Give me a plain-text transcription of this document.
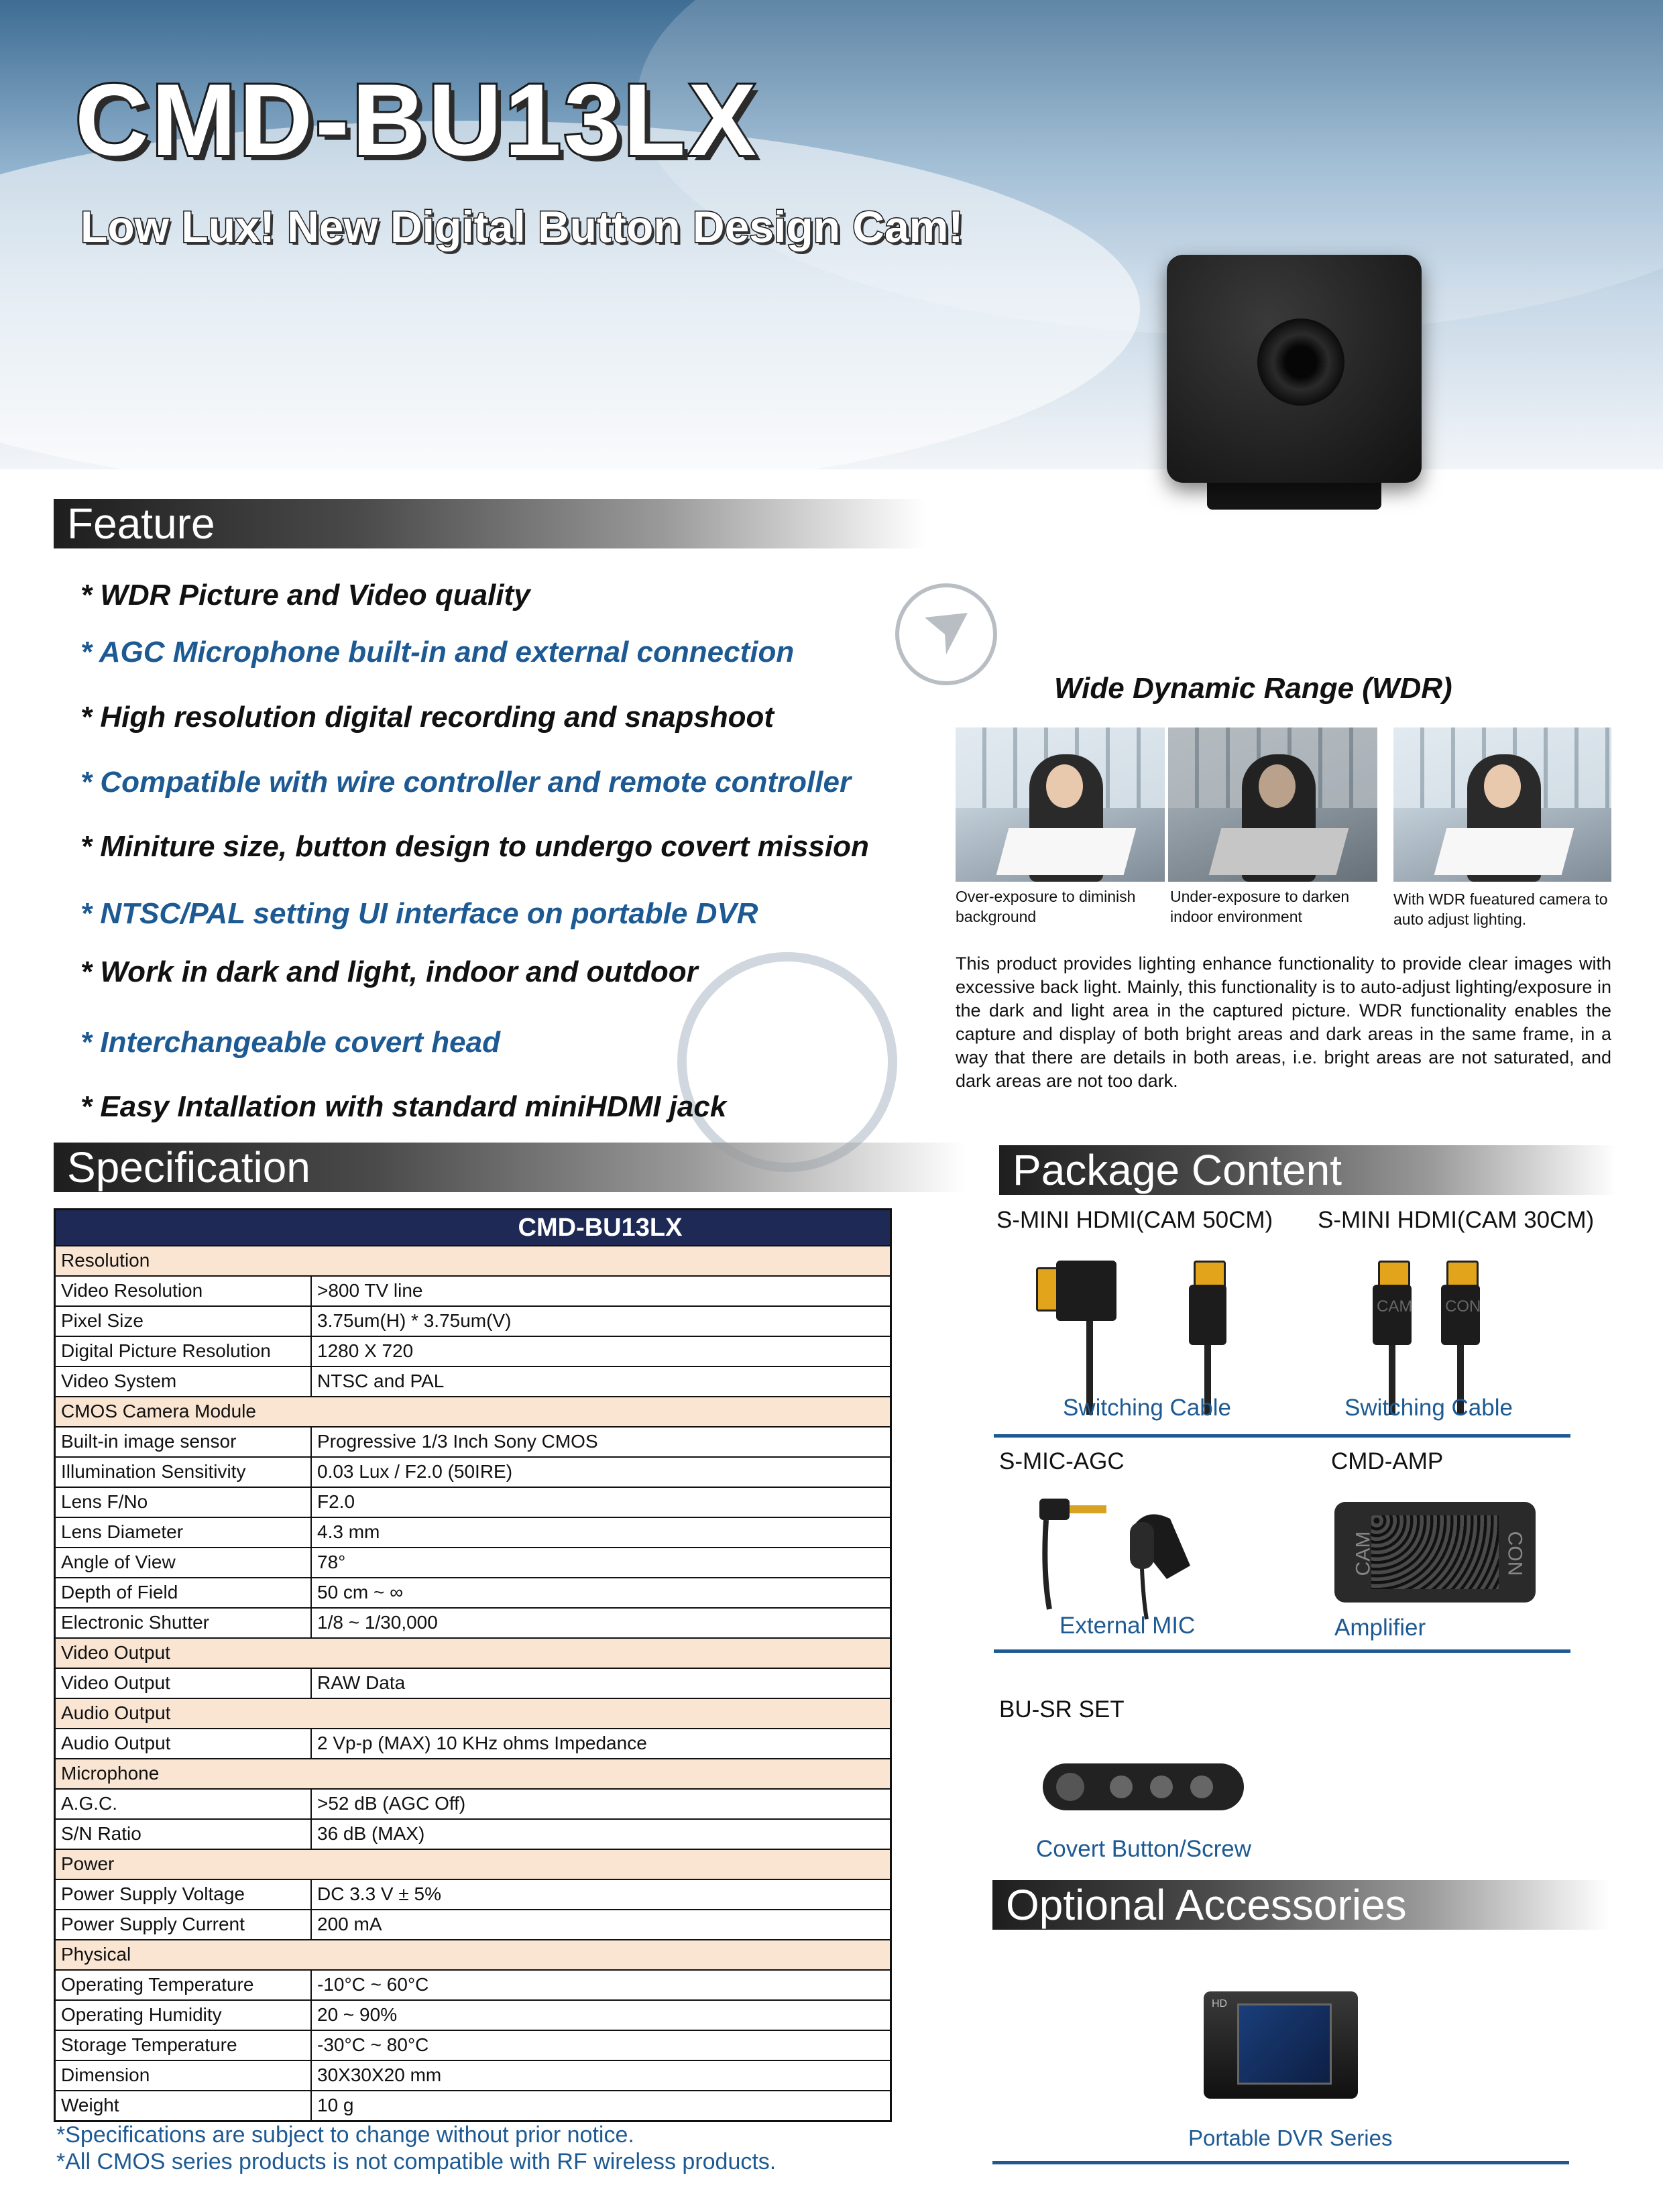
CMD-BU13LX
Low Lux! New Digital Button Design Cam!
Feature
* WDR Picture and Video quality
* AGC Microphone built-in and external connection
* High resolution digital recording and snapshoot
* Compatible with wire controller and remote controller
* Miniture size, button design to undergo covert mission
* NTSC/PAL setting UI interface on portable DVR
* Work in dark and light, indoor and outdoor
* Interchangeable covert head
* Easy Intallation with standard miniHDMI jack
Wide Dynamic Range (WDR)
Over-exposure to diminish background
Under-exposure to darken indoor environment
With WDR fueatured camera to auto adjust lighting.
This product provides lighting enhance functionality to provide clear images with excessive back light. Mainly, this functionality is to auto-adjust lighting/exposure in the dark and light area in the captured picture. WDR functionality enables the capture and display of both bright areas and dark areas in the same frame, in a way that there are details in both areas, i.e. bright areas are not saturated, and dark areas are not too dark.
Specification
CMD-BU13LX
Resolution
Video Resolution	>800 TV line
Pixel Size	3.75um(H) * 3.75um(V)
Digital Picture Resolution	1280 X 720
Video System	NTSC and PAL
CMOS Camera Module
Built-in image sensor	Progressive 1/3 Inch Sony CMOS
Illumination Sensitivity	0.03 Lux / F2.0 (50IRE)
Lens F/No	F2.0
Lens Diameter	4.3 mm
Angle of View	78°
Depth of Field	50 cm ~ ∞
Electronic Shutter	1/8 ~ 1/30,000
Video Output
Video Output	RAW Data
Audio Output
Audio Output	2 Vp-p (MAX) 10 KHz ohms Impedance
Microphone
A.G.C.	>52 dB (AGC Off)
S/N Ratio	36 dB (MAX)
Power
Power Supply Voltage	DC 3.3 V ± 5%
Power Supply Current	200 mA
Physical
Operating Temperature	-10°C ~ 60°C
Operating Humidity	20 ~ 90%
Storage Temperature	-30°C ~ 80°C
Dimension	30X30X20 mm
Weight	10 g
*Specifications are subject to change without prior notice.
*All CMOS series products is not compatible with RF wireless products.
Package Content
S-MINI HDMI(CAM 50CM) S-MINI HDMI(CAM 30CM)
CAM CON
Switching Cable	Switching Cable
S-MIC-AGC	CMD-AMP
CAM	CON
External MIC	Amplifier
BU-SR SET
Covert Button/Screw
Optional Accessories
HD
Portable DVR Series
